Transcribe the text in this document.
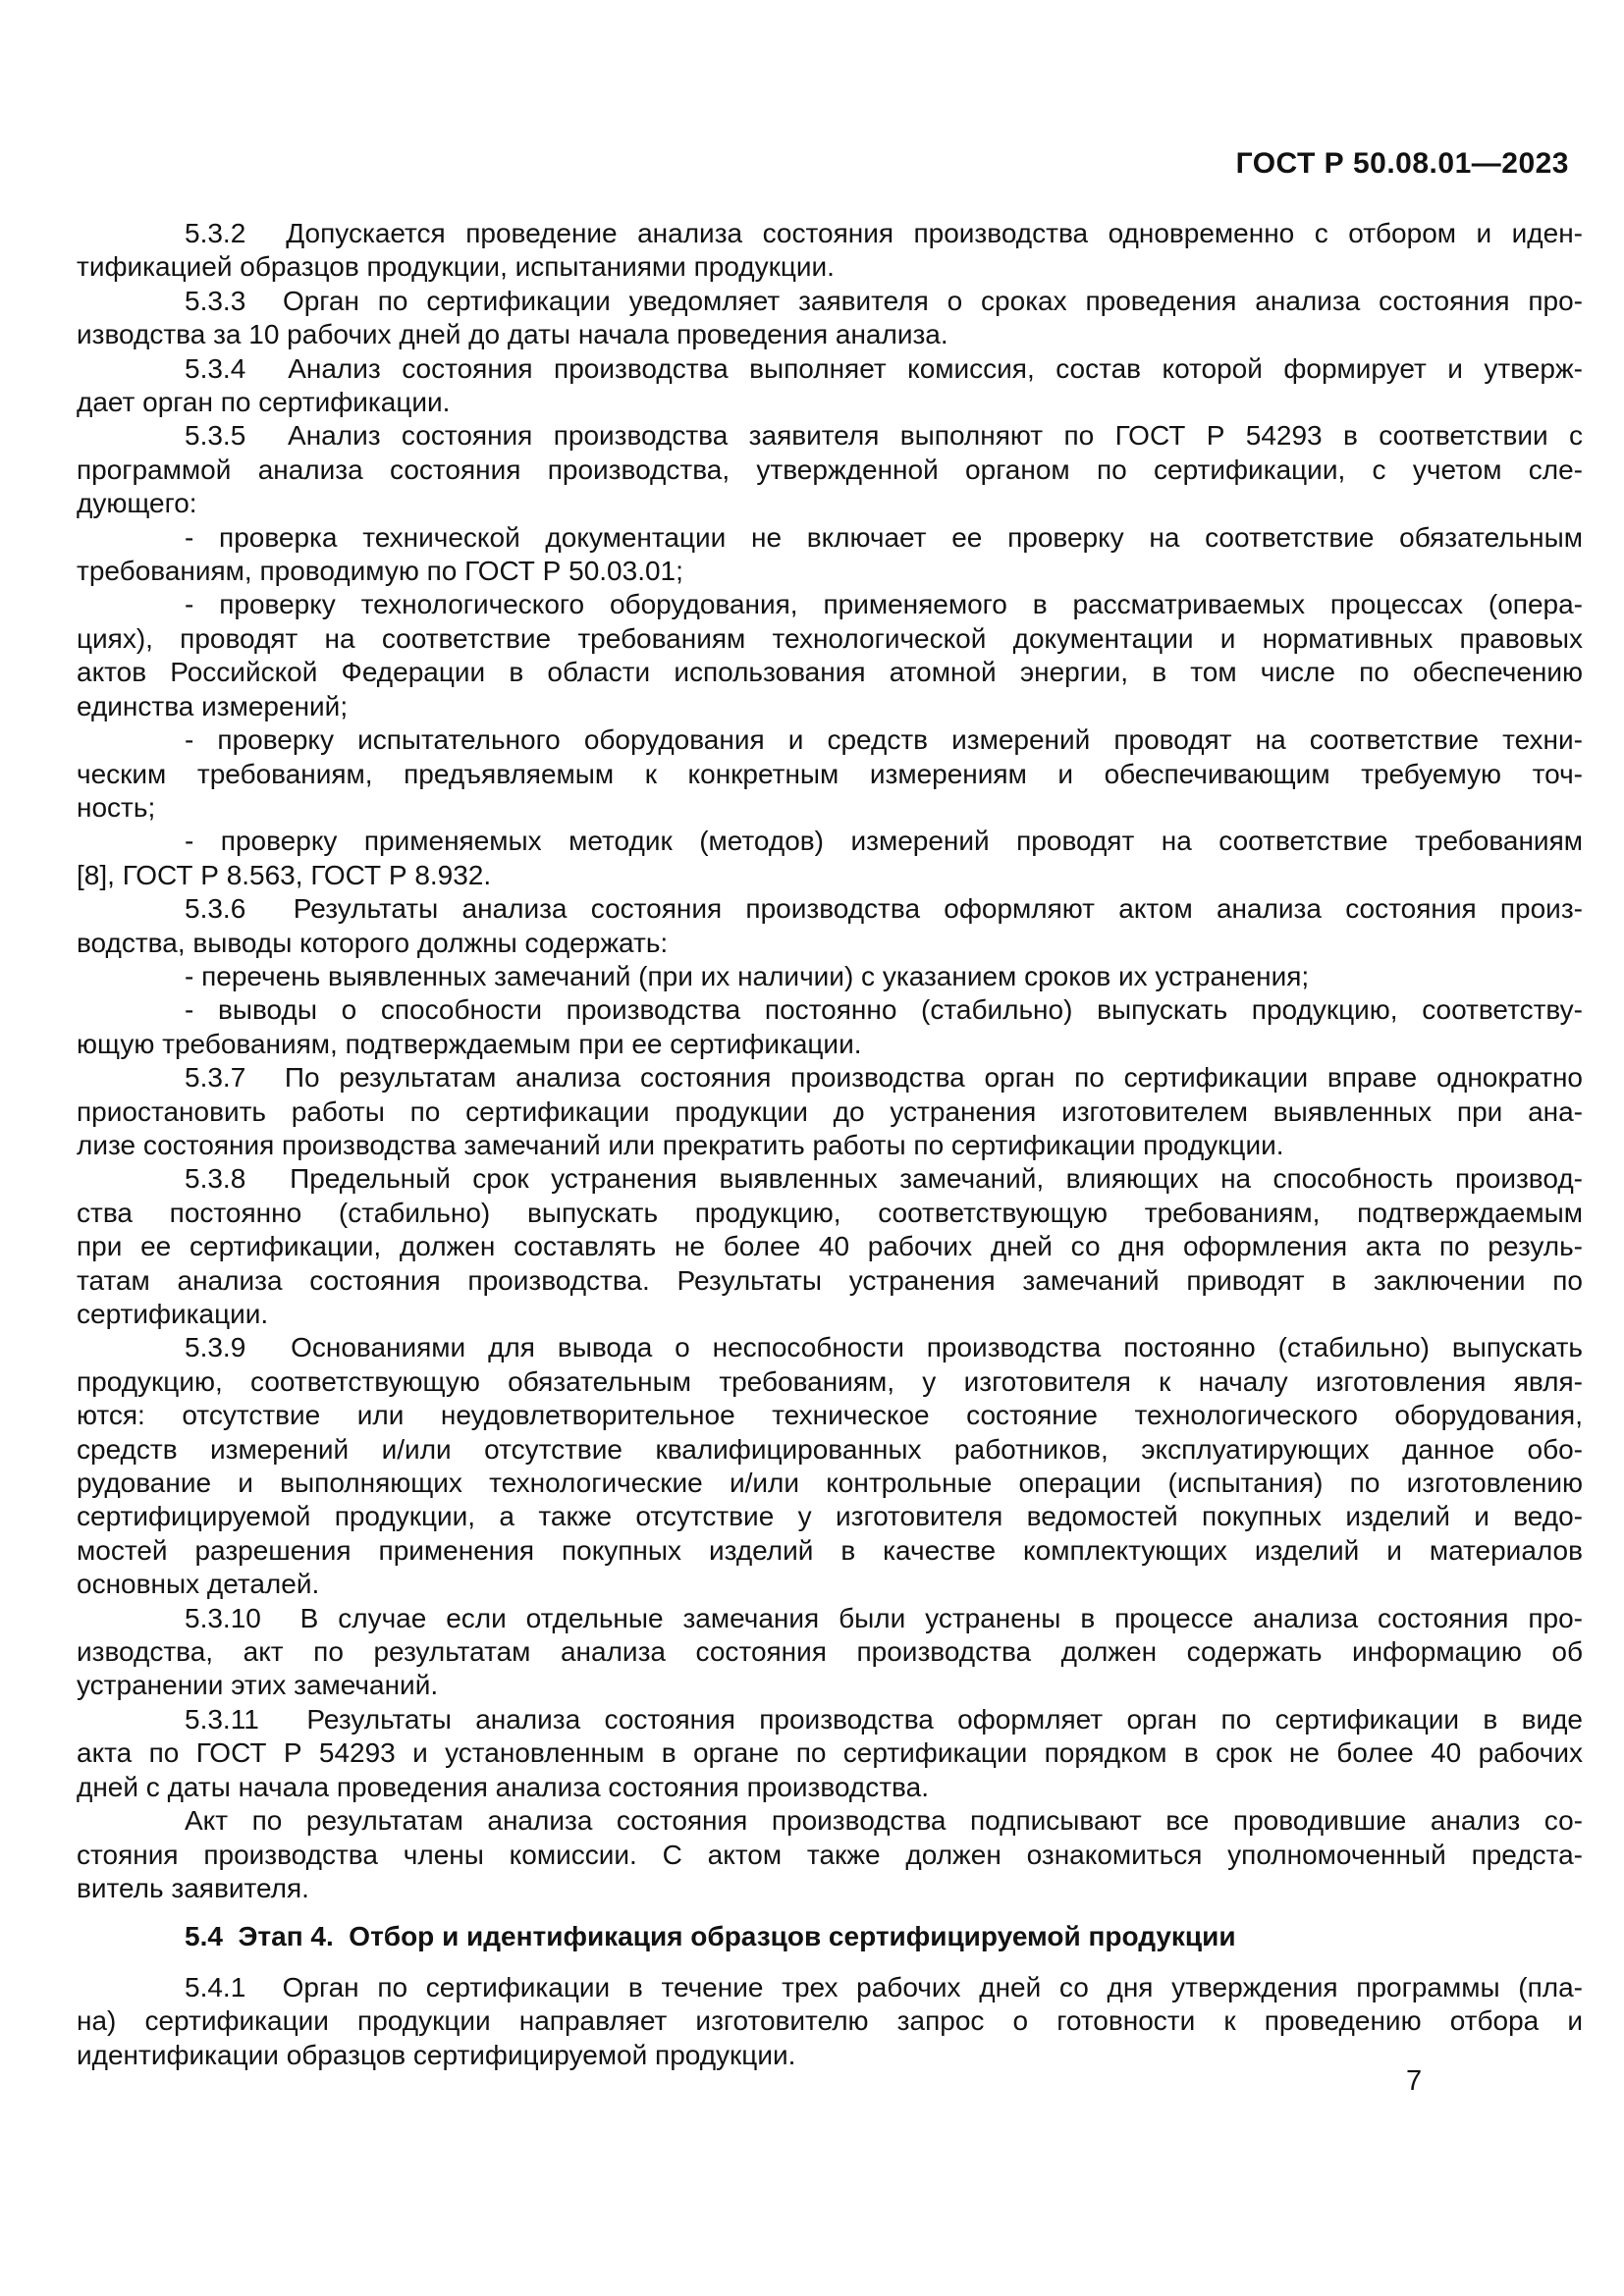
ГОСТ Р 50.08.01—2023
5.3.2  Допускается проведение анализа состояния производства одновременно с отбором и иден-
тификацией образцов продукции, испытаниями продукции.
5.3.3  Орган по сертификации уведомляет заявителя о сроках проведения анализа состояния про-
изводства за 10 рабочих дней до даты начала проведения анализа.
5.3.4  Анализ состояния производства выполняет комиссия, состав которой формирует и утверж-
дает орган по сертификации.
5.3.5  Анализ состояния производства заявителя выполняют по ГОСТ Р 54293 в соответствии с
программой анализа состояния производства, утвержденной органом по сертификации, с учетом сле-
дующего:
- проверка технической документации не включает ее проверку на соответствие обязательным
требованиям, проводимую по ГОСТ Р 50.03.01;
- проверку технологического оборудования, применяемого в рассматриваемых процессах (опера-
циях), проводят на соответствие требованиям технологической документации и нормативных правовых
актов Российской Федерации в области использования атомной энергии, в том числе по обеспечению
единства измерений;
- проверку испытательного оборудования и средств измерений проводят на соответствие техни-
ческим требованиям, предъявляемым к конкретным измерениям и обеспечивающим требуемую точ-
ность;
- проверку применяемых методик (методов) измерений проводят на соответствие требованиям
[8], ГОСТ Р 8.563, ГОСТ Р 8.932.
5.3.6  Результаты анализа состояния производства оформляют актом анализа состояния произ-
водства, выводы которого должны содержать:
- перечень выявленных замечаний (при их наличии) с указанием сроков их устранения;
- выводы о способности производства постоянно (стабильно) выпускать продукцию, соответству-
ющую требованиям, подтверждаемым при ее сертификации.
5.3.7  По результатам анализа состояния производства орган по сертификации вправе однократно
приостановить работы по сертификации продукции до устранения изготовителем выявленных при ана-
лизе состояния производства замечаний или прекратить работы по сертификации продукции.
5.3.8  Предельный срок устранения выявленных замечаний, влияющих на способность производ-
ства постоянно (стабильно) выпускать продукцию, соответствующую требованиям, подтверждаемым
при ее сертификации, должен составлять не более 40 рабочих дней со дня оформления акта по резуль-
татам анализа состояния производства. Результаты устранения замечаний приводят в заключении по
сертификации.
5.3.9  Основаниями для вывода о неспособности производства постоянно (стабильно) выпускать
продукцию, соответствующую обязательным требованиям, у изготовителя к началу изготовления явля-
ются: отсутствие или неудовлетворительное техническое состояние технологического оборудования,
средств измерений и/или отсутствие квалифицированных работников, эксплуатирующих данное обо-
рудование и выполняющих технологические и/или контрольные операции (испытания) по изготовлению
сертифицируемой продукции, а также отсутствие у изготовителя ведомостей покупных изделий и ведо-
мостей разрешения применения покупных изделий в качестве комплектующих изделий и материалов
основных деталей.
5.3.10  В случае если отдельные замечания были устранены в процессе анализа состояния про-
изводства, акт по результатам анализа состояния производства должен содержать информацию об
устранении этих замечаний.
5.3.11  Результаты анализа состояния производства оформляет орган по сертификации в виде
акта по ГОСТ Р 54293 и установленным в органе по сертификации порядком в срок не более 40 рабочих
дней с даты начала проведения анализа состояния производства.
Акт по результатам анализа состояния производства подписывают все проводившие анализ со-
стояния производства члены комиссии. С актом также должен ознакомиться уполномоченный предста-
витель заявителя.
5.4  Этап 4.  Отбор и идентификация образцов сертифицируемой продукции
5.4.1  Орган по сертификации в течение трех рабочих дней со дня утверждения программы (пла-
на) сертификации продукции направляет изготовителю запрос о готовности к проведению отбора и
идентификации образцов сертифицируемой продукции.
7
